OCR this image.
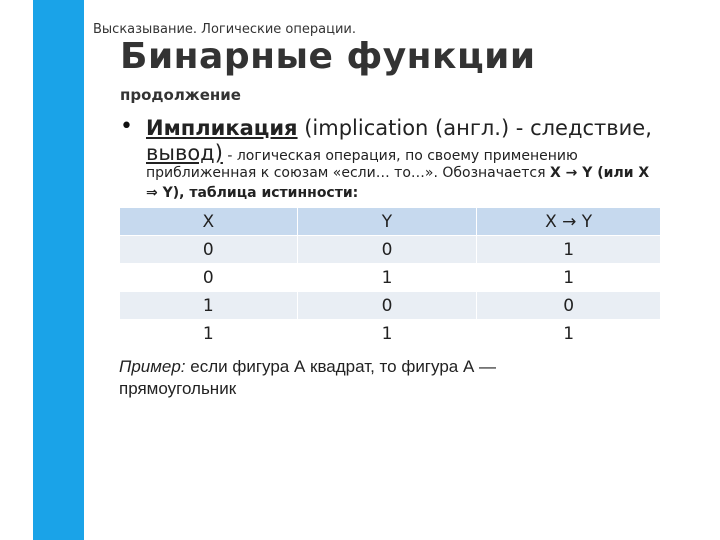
Высказывание. Логические операции.
Бинарные функции
продолжение
• Импликация (implication (англ.) - следствие,
вывод) - логическая операция, по своему применению
приближенная к союзам «если… то…». Обозначается X → Y (или X
⇒ Y), таблица истинности:
X	Y	X → Y
0	0	1
0	1	1
1	0	0
1	1	1
Пример: если фигура А квадрат, то фигура А — прямоугольник
